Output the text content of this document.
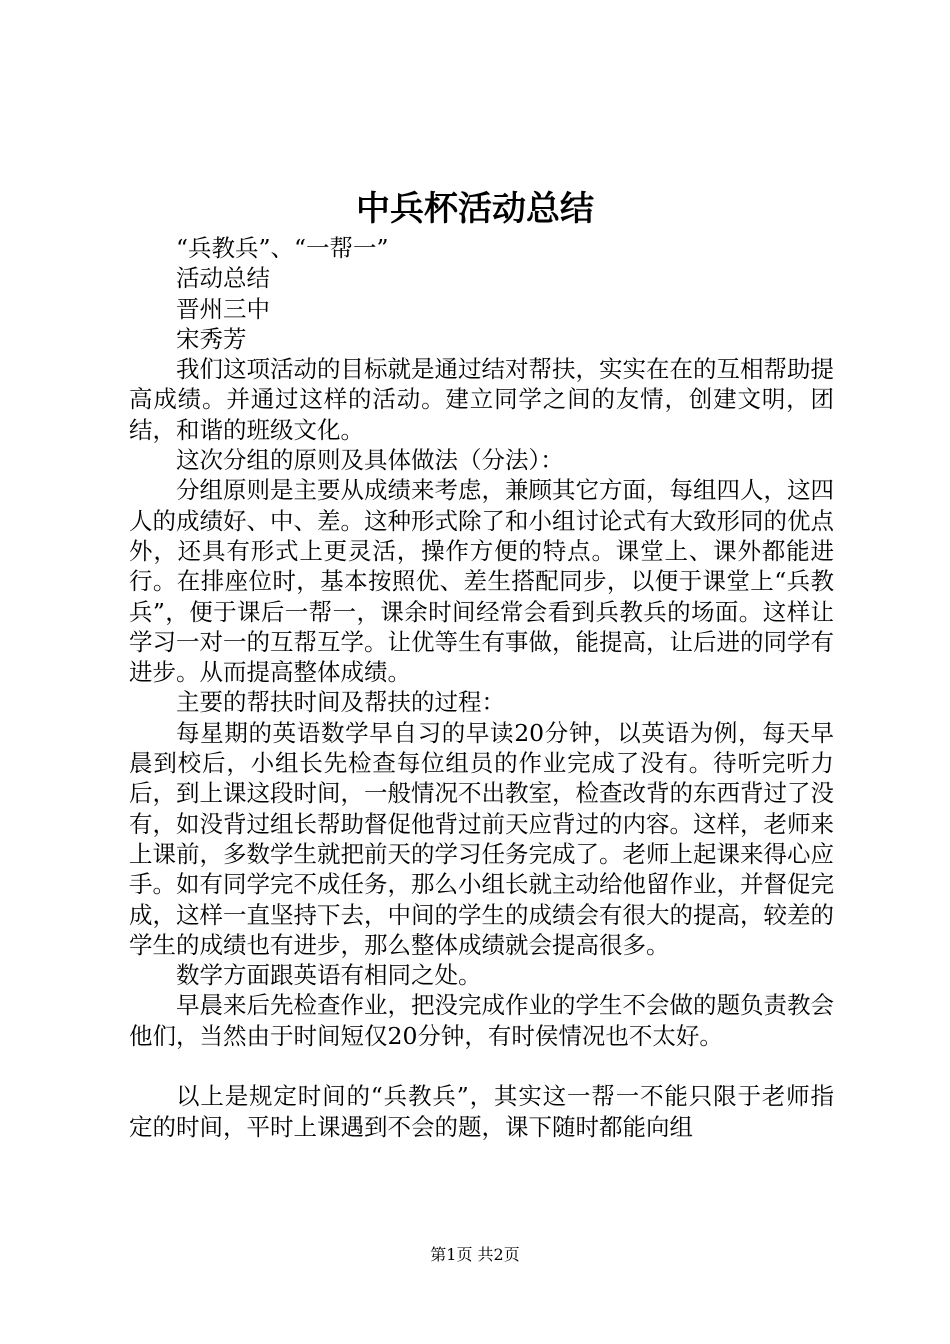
中兵杯活动总结

“兵教兵”、“一帮一”

活动总结

晋州三中

宋秀芳

我们这项活动的目标就是通过结对帮扶，实实在在的互相帮助提高成绩。并通过这样的活动。建立同学之间的友情，创建文明，团结，和谐的班级文化。

这次分组的原则及具体做法（分法）：

分组原则是主要从成绩来考虑，兼顾其它方面，每组四人，这四人的成绩好、中、差。这种形式除了和小组讨论式有大致形同的优点外，还具有形式上更灵活，操作方便的特点。课堂上、课外都能进行。在排座位时，基本按照优、差生搭配同步，以便于课堂上“兵教兵”，便于课后一帮一，课余时间经常会看到兵教兵的场面。这样让学习一对一的互帮互学。让优等生有事做，能提高，让后进的同学有进步。从而提高整体成绩。

主要的帮扶时间及帮扶的过程：

每星期的英语数学早自习的早读20分钟，以英语为例，每天早晨到校后，小组长先检查每位组员的作业完成了没有。待听完听力后，到上课这段时间，一般情况不出教室，检查改背的东西背过了没有，如没背过组长帮助督促他背过前天应背过的内容。这样，老师来上课前，多数学生就把前天的学习任务完成了。老师上起课来得心应手。如有同学完不成任务，那么小组长就主动给他留作业，并督促完成，这样一直坚持下去，中间的学生的成绩会有很大的提高，较差的学生的成绩也有进步，那么整体成绩就会提高很多。

数学方面跟英语有相同之处。

早晨来后先检查作业，把没完成作业的学生不会做的题负责教会他们，当然由于时间短仅20分钟，有时侯情况也不太好。

以上是规定时间的“兵教兵”，其实这一帮一不能只限于老师指定的时间，平时上课遇到不会的题，课下随时都能向组

第1页 共2页
